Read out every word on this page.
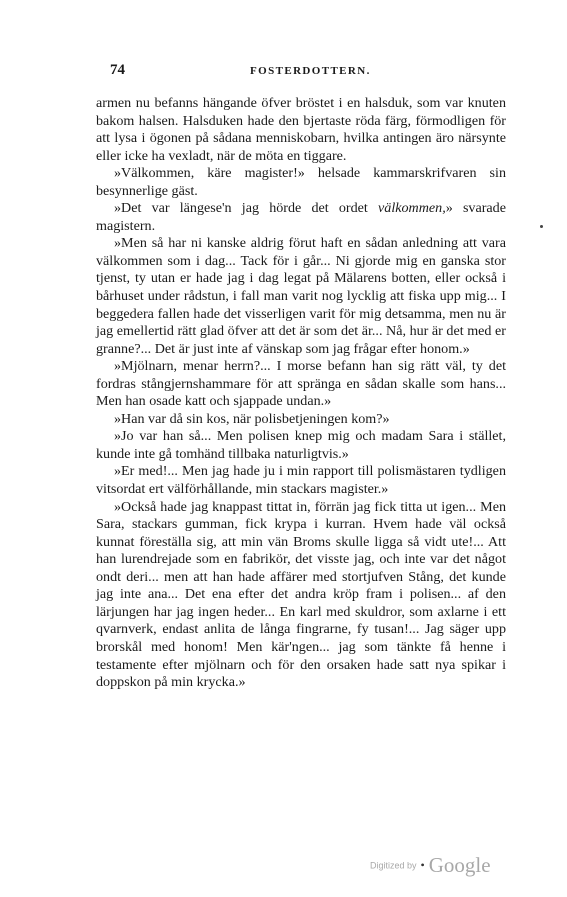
74	FOSTERDOTTERN.

armen nu befanns hängande öfver bröstet i en halsduk, som var knuten bakom halsen. Halsduken hade den bjertaste röda färg, förmodligen för att lysa i ögonen på sådana menniskobarn, hvilka antingen äro närsynte eller icke ha vexladt, när de möta en tiggare.

»Välkommen, käre magister!» helsade kammarskrifvaren sin besynnerlige gäst.

»Det var längese'n jag hörde det ordet välkommen,» svarade magistern.

»Men så har ni kanske aldrig förut haft en sådan anledning att vara välkommen som i dag... Tack för i går... Ni gjorde mig en ganska stor tjenst, ty utan er hade jag i dag legat på Mälarens botten, eller också i bårhuset under rådstun, i fall man varit nog lycklig att fiska upp mig... I beggedera fallen hade det visserligen varit för mig detsamma, men nu är jag emellertid rätt glad öfver att det är som det är... Nå, hur är det med er granne?... Det är just inte af vänskap som jag frågar efter honom.»

»Mjölnarn, menar herrn?... I morse befann han sig rätt väl, ty det fordras stångjernshammare för att spränga en sådan skalle som hans... Men han osade katt och sjappade undan.»

»Han var då sin kos, när polisbetjeningen kom?»

»Jo var han så... Men polisen knep mig och madam Sara i stället, kunde inte gå tomhänd tillbaka naturligtvis.»

»Er med!... Men jag hade ju i min rapport till polismästaren tydligen vitsordat ert välförhållande, min stackars magister.»

»Också hade jag knappast tittat in, förrän jag fick titta ut igen... Men Sara, stackars gumman, fick krypa i kurran. Hvem hade väl också kunnat föreställa sig, att min vän Broms skulle ligga så vidt ute!... Att han lurendrejade som en fabrikör, det visste jag, och inte var det något ondt deri... men att han hade affärer med stortjufven Stång, det kunde jag inte ana... Det ena efter det andra kröp fram i polisen... af den lärjungen har jag ingen heder... En karl med skuldror, som axlarne i ett qvarnverk, endast anlita de långa fingrarne, fy tusan!... Jag säger upp brorskål med honom! Men kär'ngen... jag som tänkte få henne i testamente efter mjölnarn och för den orsaken hade satt nya spikar i doppskon på min krycka.»

Digitized by • Google
